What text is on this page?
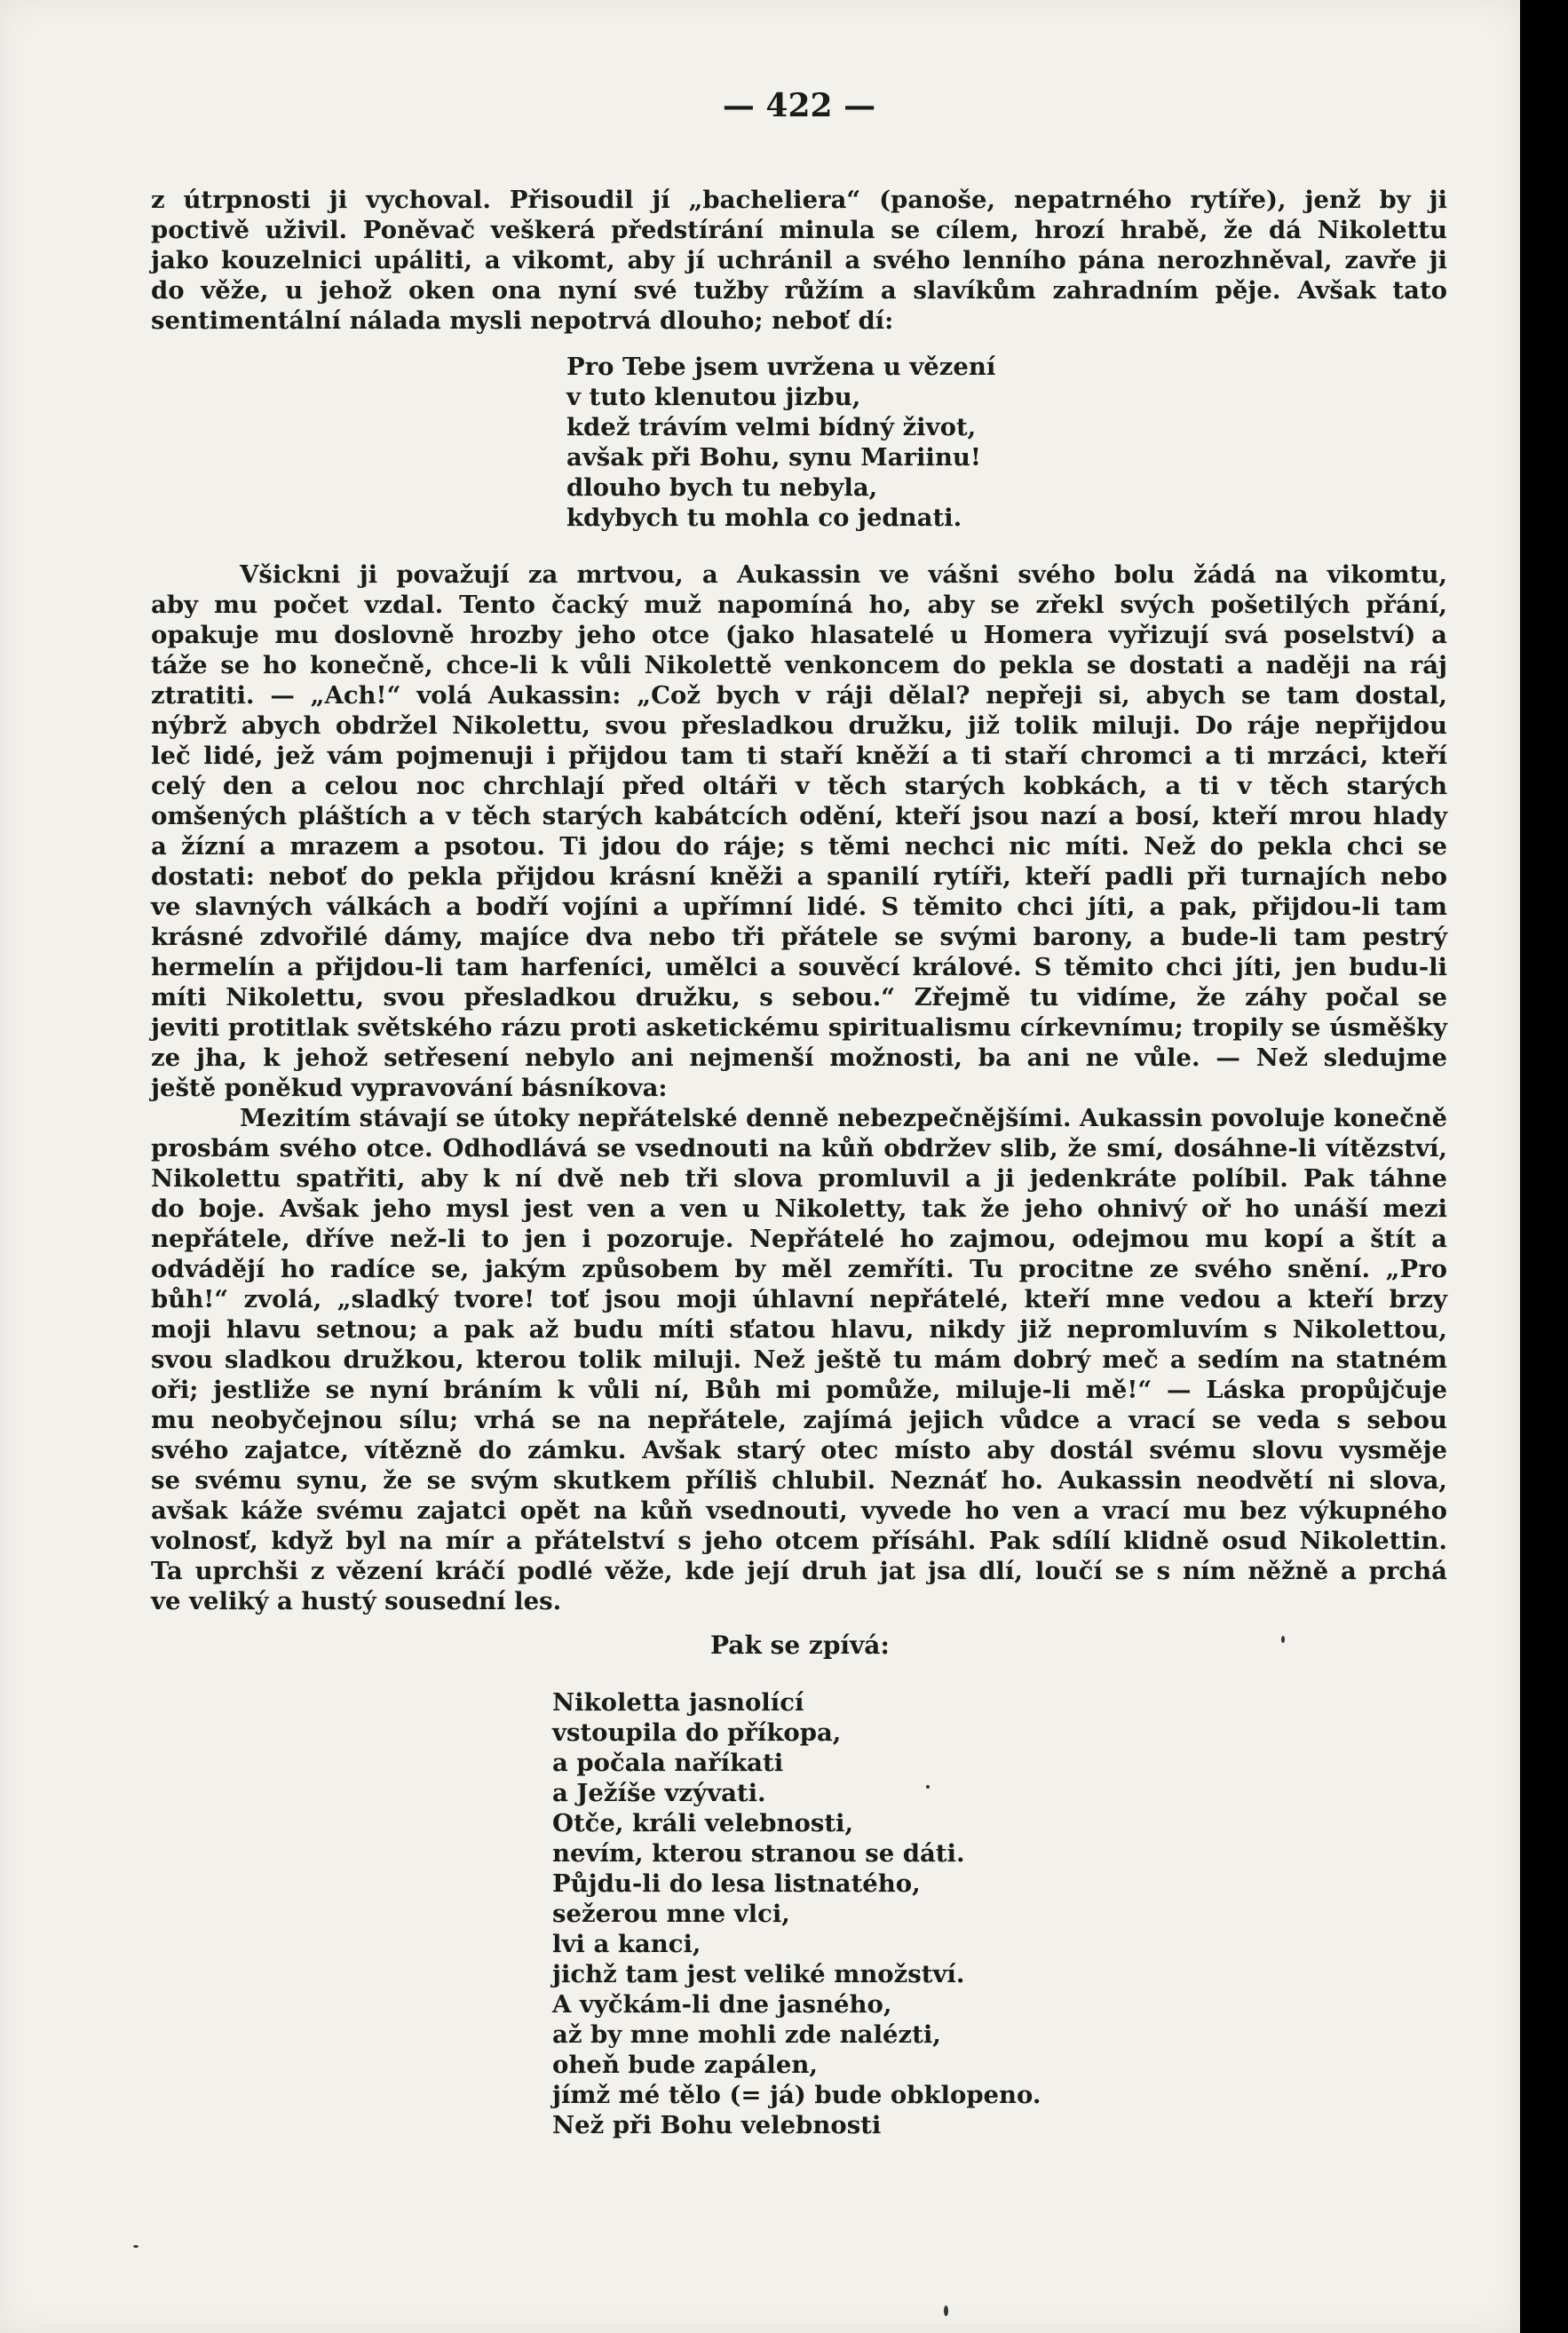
— 422 —
z útrpnosti ji vychoval. Přisoudil jí „bacheliera“ (panoše, nepatrného rytíře), jenž by ji
poctivě uživil. Poněvač veškerá předstírání minula se cílem, hrozí hrabě, že dá Nikolettu
jako kouzelnici upáliti, a vikomt, aby jí uchránil a svého lenního pána nerozhněval, zavře ji
do věže, u jehož oken ona nyní své tužby růžím a slavíkům zahradním pěje. Avšak tato
sentimentální nálada mysli nepotrvá dlouho; neboť dí:
Pro Tebe jsem uvržena u vězení
v tuto klenutou jizbu,
kdež trávím velmi bídný život,
avšak při Bohu, synu Mariinu!
dlouho bych tu nebyla,
kdybych tu mohla co jednati.
Všickni ji považují za mrtvou, a Aukassin ve vášni svého bolu žádá na vikomtu,
aby mu počet vzdal. Tento čacký muž napomíná ho, aby se zřekl svých pošetilých přání,
opakuje mu doslovně hrozby jeho otce (jako hlasatelé u Homera vyřizují svá poselství) a
táže se ho konečně, chce-li k vůli Nikolettě venkoncem do pekla se dostati a naději na ráj
ztratiti. — „Ach!“ volá Aukassin: „Což bych v ráji dělal? nepřeji si, abych se tam dostal,
nýbrž abych obdržel Nikolettu, svou přesladkou družku, již tolik miluji. Do ráje nepřijdou
leč lidé, jež vám pojmenuji i přijdou tam ti staří kněží a ti staří chromci a ti mrzáci, kteří
celý den a celou noc chrchlají před oltáři v těch starých kobkách, a ti v těch starých
omšených pláštích a v těch starých kabátcích odění, kteří jsou nazí a bosí, kteří mrou hlady
a žízní a mrazem a psotou. Ti jdou do ráje; s těmi nechci nic míti. Než do pekla chci se
dostati: neboť do pekla přijdou krásní kněži a spanilí rytíři, kteří padli při turnajích nebo
ve slavných válkách a bodří vojíni a upřímní lidé. S těmito chci jíti, a pak, přijdou-li tam
krásné zdvořilé dámy, majíce dva nebo tři přátele se svými barony, a bude-li tam pestrý
hermelín a přijdou-li tam harfeníci, umělci a souvěcí králové. S těmito chci jíti, jen budu-li
míti Nikolettu, svou přesladkou družku, s sebou.“ Zřejmě tu vidíme, že záhy počal se
jeviti protitlak světského rázu proti asketickému spiritualismu církevnímu; tropily se úsměšky
ze jha, k jehož setřesení nebylo ani nejmenší možnosti, ba ani ne vůle. — Než sledujme
ještě poněkud vypravování básníkova:
Mezitím stávají se útoky nepřátelské denně nebezpečnějšími. Aukassin povoluje konečně
prosbám svého otce. Odhodlává se vsednouti na kůň obdržev slib, že smí, dosáhne-li vítězství,
Nikolettu spatřiti, aby k ní dvě neb tři slova promluvil a ji jedenkráte políbil. Pak táhne
do boje. Avšak jeho mysl jest ven a ven u Nikoletty, tak že jeho ohnivý oř ho unáší mezi
nepřátele, dříve než-li to jen i pozoruje. Nepřátelé ho zajmou, odejmou mu kopí a štít a
odvádějí ho radíce se, jakým způsobem by měl zemříti. Tu procitne ze svého snění. „Pro
bůh!“ zvolá, „sladký tvore! toť jsou moji úhlavní nepřátelé, kteří mne vedou a kteří brzy
moji hlavu setnou; a pak až budu míti sťatou hlavu, nikdy již nepromluvím s Nikolettou,
svou sladkou družkou, kterou tolik miluji. Než ještě tu mám dobrý meč a sedím na statném
oři; jestliže se nyní bráním k vůli ní, Bůh mi pomůže, miluje-li mě!“ — Láska propůjčuje
mu neobyčejnou sílu; vrhá se na nepřátele, zajímá jejich vůdce a vrací se veda s sebou
svého zajatce, vítězně do zámku. Avšak starý otec místo aby dostál svému slovu vysměje
se svému synu, že se svým skutkem příliš chlubil. Neznáť ho. Aukassin neodvětí ni slova,
avšak káže svému zajatci opět na kůň vsednouti, vyvede ho ven a vrací mu bez výkupného
volnosť, když byl na mír a přátelství s jeho otcem přísáhl. Pak sdílí klidně osud Nikolettin.
Ta uprchši z vězení kráčí podlé věže, kde její druh jat jsa dlí, loučí se s ním něžně a prchá
ve veliký a hustý sousední les.
Pak se zpívá:
Nikoletta jasnolící
vstoupila do příkopa,
a počala naříkati
a Ježíše vzývati.
Otče, králi velebnosti,
nevím, kterou stranou se dáti.
Půjdu-li do lesa listnatého,
sežerou mne vlci,
lvi a kanci,
jichž tam jest veliké množství.
A vyčkám-li dne jasného,
až by mne mohli zde nalézti,
oheň bude zapálen,
jímž mé tělo (= já) bude obklopeno.
Než při Bohu velebnosti
